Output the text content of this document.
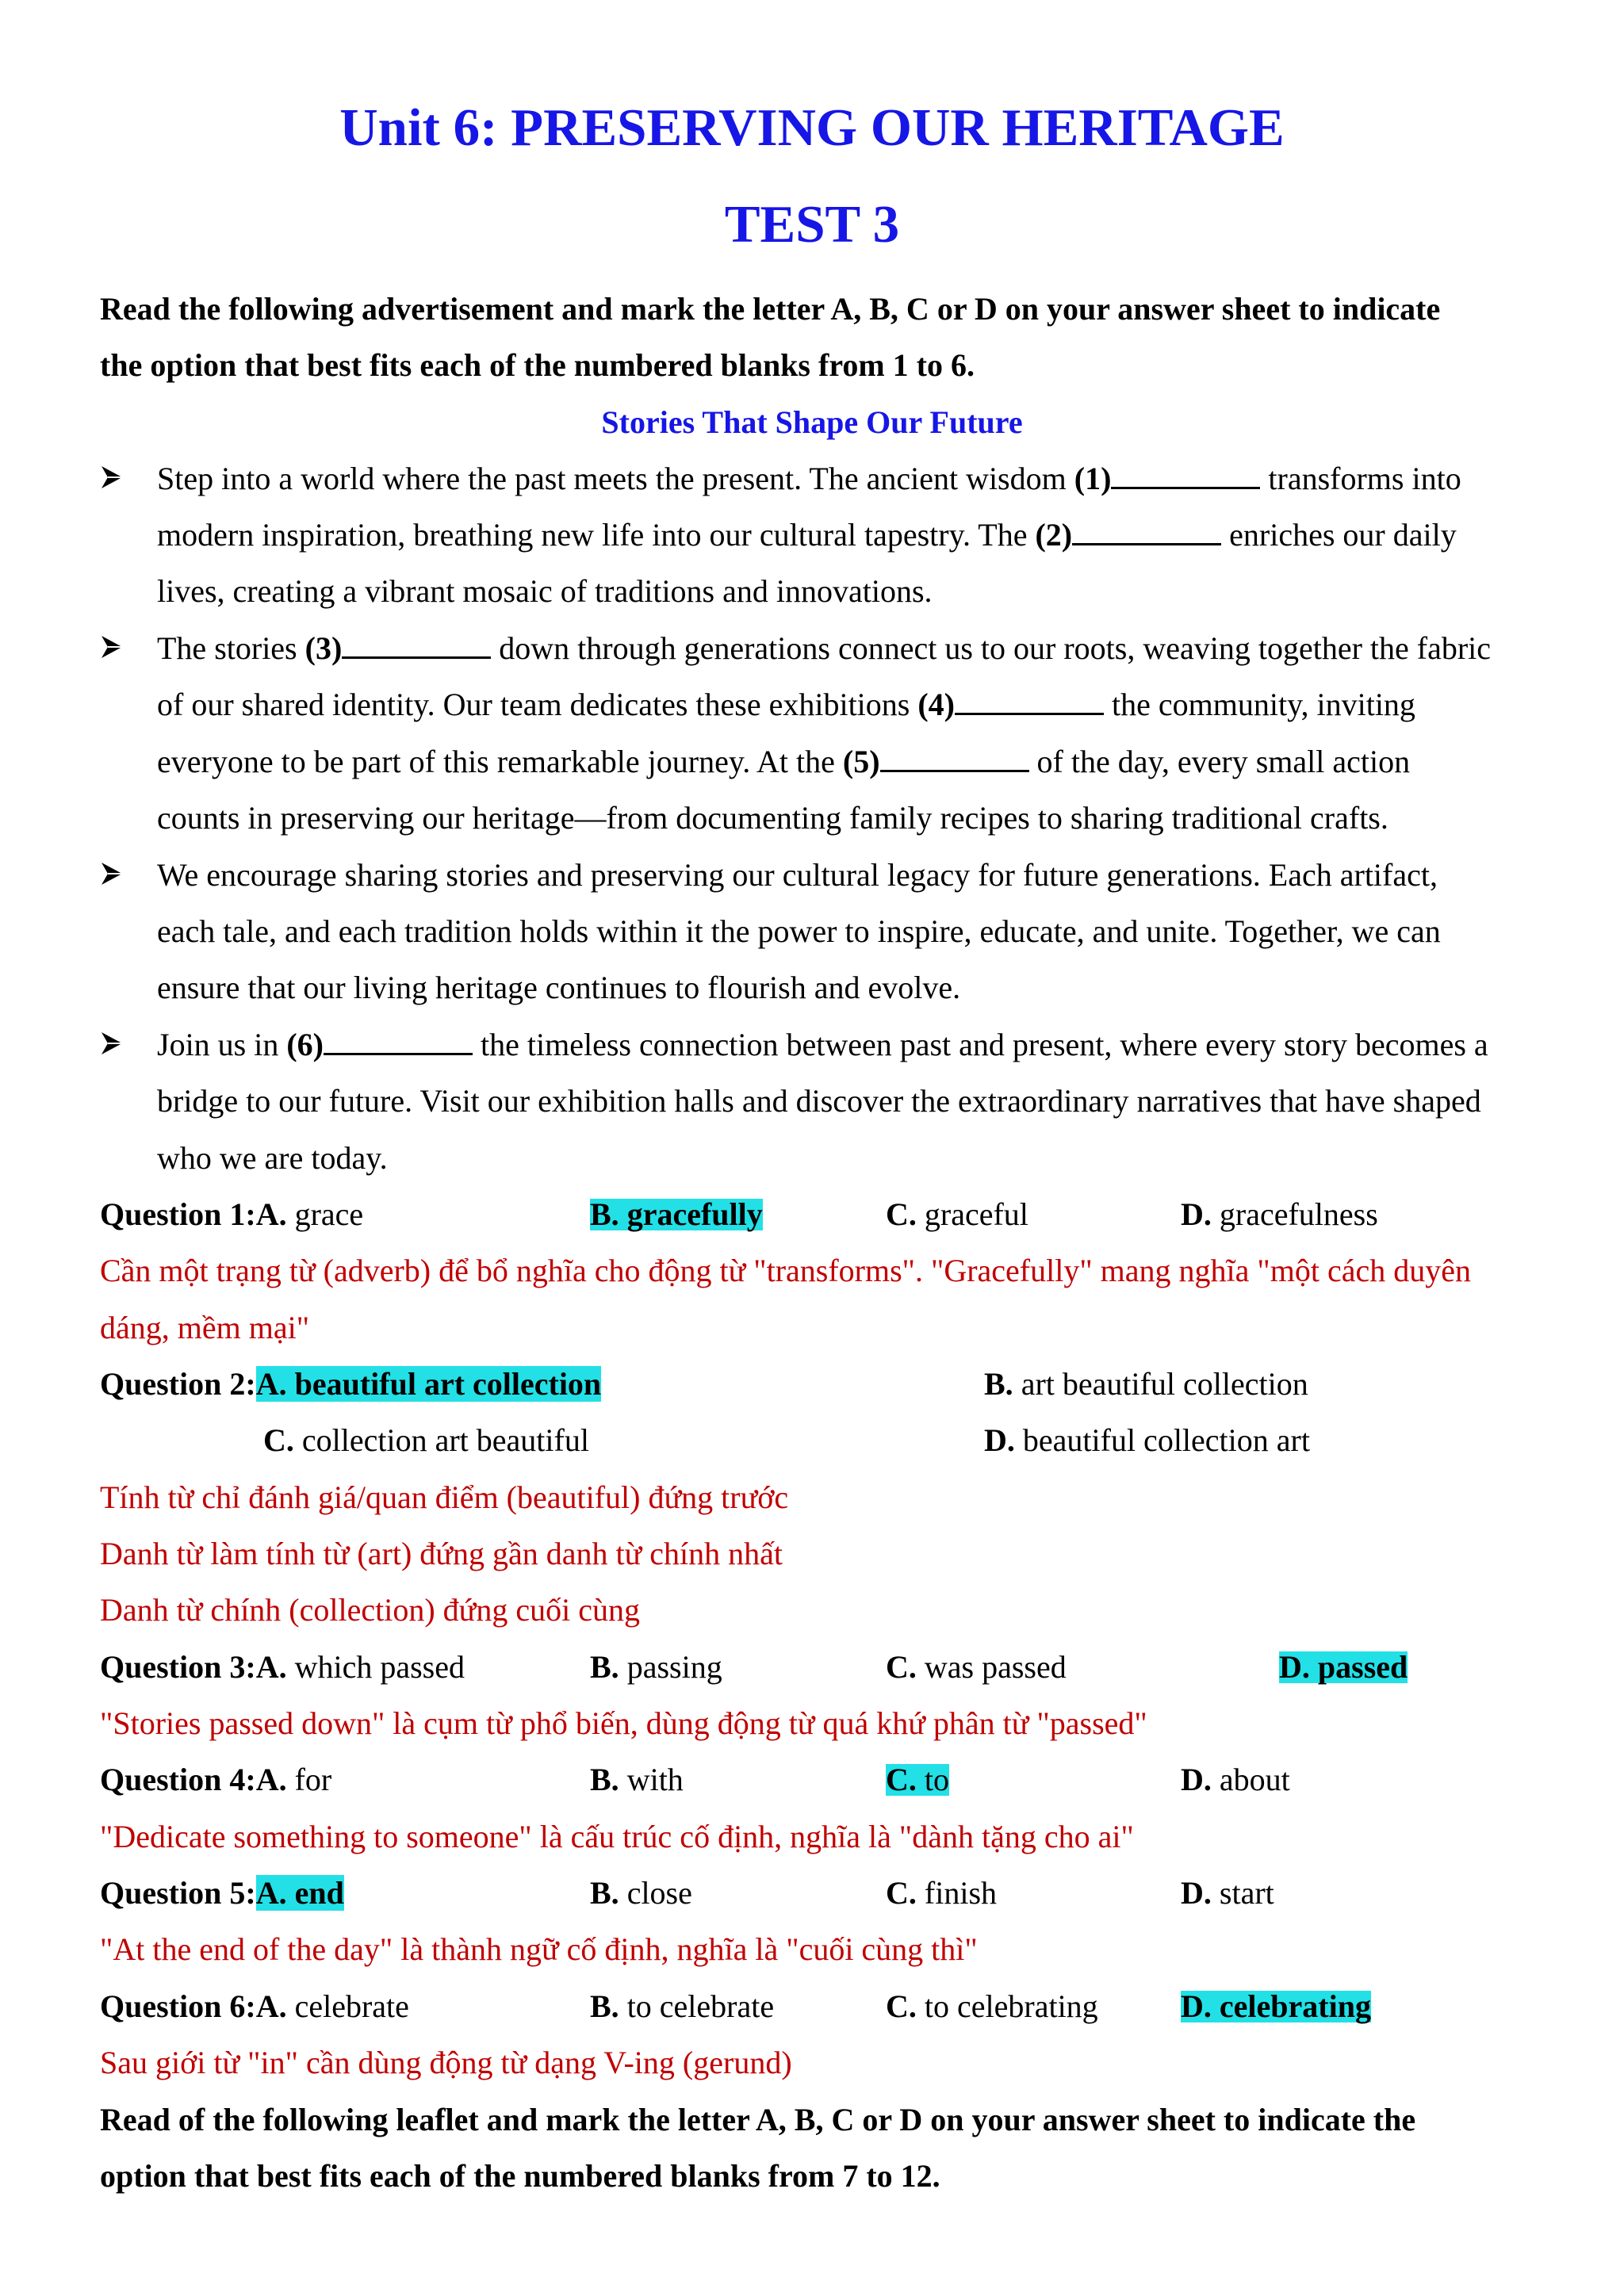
Unit 6: PRESERVING OUR HERITAGE
TEST 3
Read the following advertisement and mark the letter A, B, C or D on your answer sheet to indicate
the option that best fits each of the numbered blanks from 1 to 6.
Stories That Shape Our Future
Step into a world where the past meets the present. The ancient wisdom (1)	transforms into
modern inspiration, breathing new life into our cultural tapestry. The (2)	enriches our daily
lives, creating a vibrant mosaic of traditions and innovations.
The stories (3)	down through generations connect us to our roots, weaving together the fabric
of our shared identity. Our team dedicates these exhibitions (4)	the community, inviting
everyone to be part of this remarkable journey. At the (5)	of the day, every small action
counts in preserving our heritage—from documenting family recipes to sharing traditional crafts.
We encourage sharing stories and preserving our cultural legacy for future generations. Each artifact,
each tale, and each tradition holds within it the power to inspire, educate, and unite. Together, we can
ensure that our living heritage continues to flourish and evolve.
Join us in (6)	the timeless connection between past and present, where every story becomes a
bridge to our future. Visit our exhibition halls and discover the extraordinary narratives that have shaped
who we are today.
Question 1:A. grace	B. gracefully	C. graceful	D. gracefulness
Cần một trạng từ (adverb) để bổ nghĩa cho động từ "transforms". "Gracefully" mang nghĩa "một cách duyên
dáng, mềm mại"
Question 2:A. beautiful art collection	B. art beautiful collection
C. collection art beautiful	D. beautiful collection art
Tính từ chỉ đánh giá/quan điểm (beautiful) đứng trước
Danh từ làm tính từ (art) đứng gần danh từ chính nhất
Danh từ chính (collection) đứng cuối cùng
Question 3:A. which passed	B. passing	C. was passed	D. passed
"Stories passed down" là cụm từ phổ biến, dùng động từ quá khứ phân từ "passed"
Question 4:A. for	B. with	C. to	D. about
"Dedicate something to someone" là cấu trúc cố định, nghĩa là "dành tặng cho ai"
Question 5:A. end	B. close	C. finish	D. start
"At the end of the day" là thành ngữ cố định, nghĩa là "cuối cùng thì"
Question 6:A. celebrate	B. to celebrate	C. to celebrating	D. celebrating
Sau giới từ "in" cần dùng động từ dạng V-ing (gerund)
Read of the following leaflet and mark the letter A, B, C or D on your answer sheet to indicate the
option that best fits each of the numbered blanks from 7 to 12.
